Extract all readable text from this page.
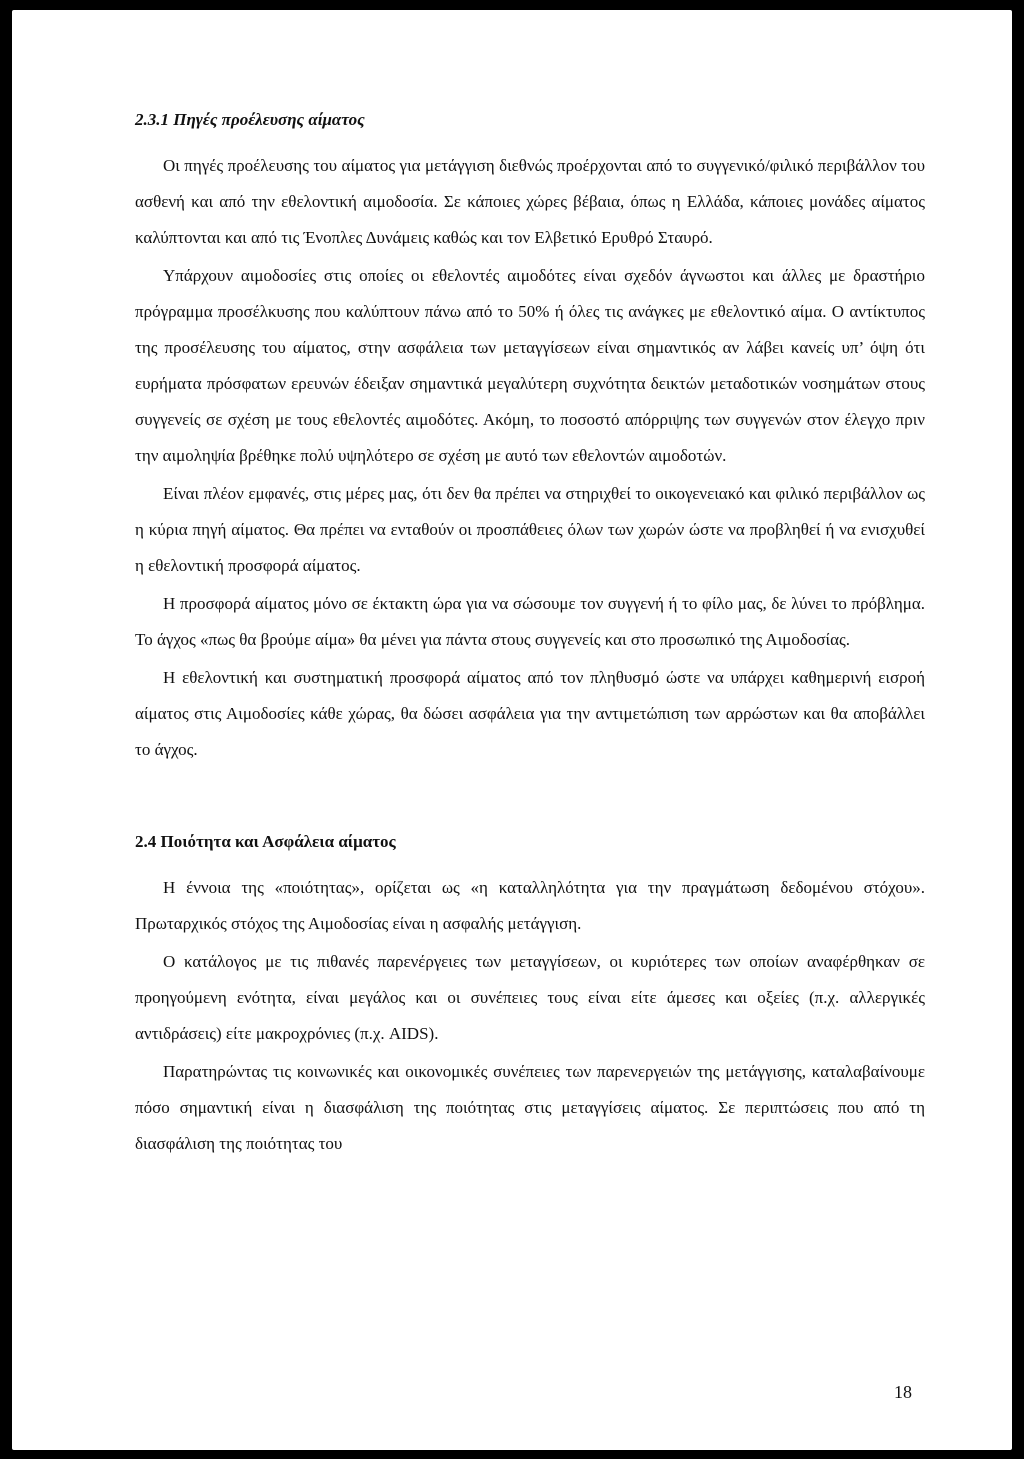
2.3.1 Πηγές προέλευσης αίματος

Οι πηγές προέλευσης του αίματος για μετάγγιση διεθνώς προέρχονται από το συγγενικό/φιλικό περιβάλλον του ασθενή και από την εθελοντική αιμοδοσία. Σε κάποιες χώρες βέβαια, όπως η Ελλάδα, κάποιες μονάδες αίματος καλύπτονται και από τις Ένοπλες Δυνάμεις καθώς και τον Ελβετικό Ερυθρό Σταυρό.

Υπάρχουν αιμοδοσίες στις οποίες οι εθελοντές αιμοδότες είναι σχεδόν άγνωστοι και άλλες με δραστήριο πρόγραμμα προσέλκυσης που καλύπτουν πάνω από το 50% ή όλες τις ανάγκες με εθελοντικό αίμα. Ο αντίκτυπος της προσέλευσης του αίματος, στην ασφάλεια των μεταγγίσεων είναι σημαντικός αν λάβει κανείς υπ’ όψη ότι ευρήματα πρόσφατων ερευνών έδειξαν σημαντικά μεγαλύτερη συχνότητα δεικτών μεταδοτικών νοσημάτων στους συγγενείς σε σχέση με τους εθελοντές αιμοδότες. Ακόμη, το ποσοστό απόρριψης των συγγενών στον έλεγχο πριν την αιμοληψία βρέθηκε πολύ υψηλότερο σε σχέση με αυτό των εθελοντών αιμοδοτών.

Είναι πλέον εμφανές, στις μέρες μας, ότι δεν θα πρέπει να στηριχθεί το οικογενειακό και φιλικό περιβάλλον ως η κύρια πηγή αίματος. Θα πρέπει να ενταθούν οι προσπάθειες όλων των χωρών ώστε να προβληθεί ή να ενισχυθεί η εθελοντική προσφορά αίματος.

Η προσφορά αίματος μόνο σε έκτακτη ώρα για να σώσουμε τον συγγενή ή το φίλο μας, δε λύνει το πρόβλημα. Το άγχος «πως θα βρούμε αίμα» θα μένει για πάντα στους συγγενείς και στο προσωπικό της Αιμοδοσίας.

Η εθελοντική και συστηματική προσφορά αίματος από τον πληθυσμό ώστε να υπάρχει καθημερινή εισροή αίματος στις Αιμοδοσίες κάθε χώρας, θα δώσει ασφάλεια για την αντιμετώπιση των αρρώστων και θα αποβάλλει το άγχος.

2.4 Ποιότητα και Ασφάλεια αίματος

Η έννοια της «ποιότητας», ορίζεται ως «η καταλληλότητα για την πραγμάτωση δεδομένου στόχου». Πρωταρχικός στόχος της Αιμοδοσίας είναι η ασφαλής μετάγγιση.

Ο κατάλογος με τις πιθανές παρενέργειες των μεταγγίσεων, οι κυριότερες των οποίων αναφέρθηκαν σε προηγούμενη ενότητα, είναι μεγάλος και οι συνέπειες τους είναι είτε άμεσες και οξείες (π.χ. αλλεργικές αντιδράσεις) είτε μακροχρόνιες (π.χ. AIDS).

Παρατηρώντας τις κοινωνικές και οικονομικές συνέπειες των παρενεργειών της μετάγγισης, καταλαβαίνουμε πόσο σημαντική είναι η διασφάλιση της ποιότητας στις μεταγγίσεις αίματος. Σε περιπτώσεις που από τη διασφάλιση της ποιότητας του

18
